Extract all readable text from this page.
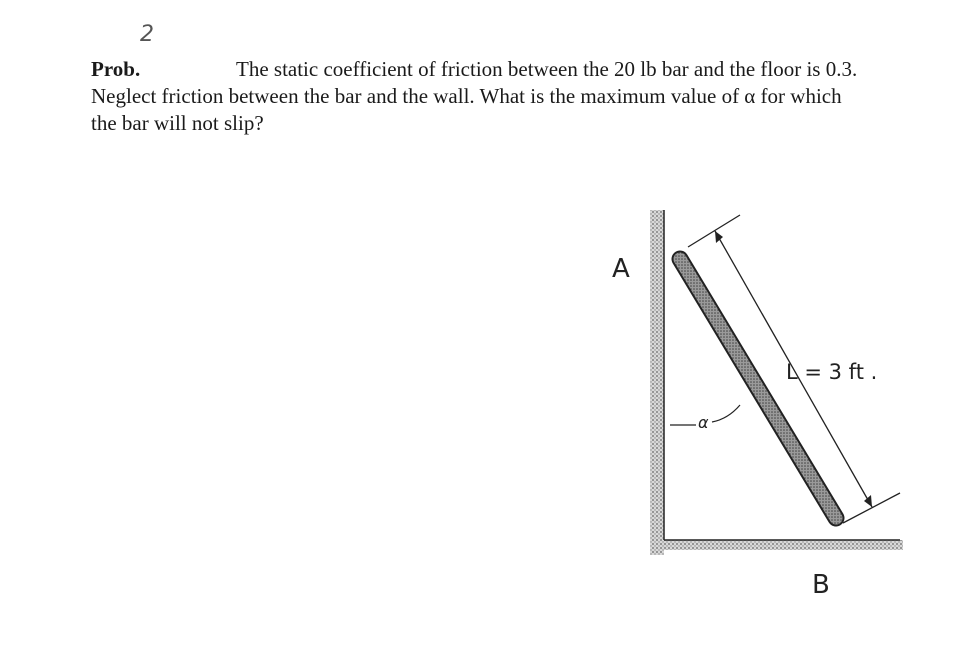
2
Prob.	The static coefficient of friction between the 20 lb bar and the floor is 0.3.
Neglect friction between the bar and the wall. What is the maximum value of α for which
the bar will not slip?
A
B
α
L = 3 ft .
